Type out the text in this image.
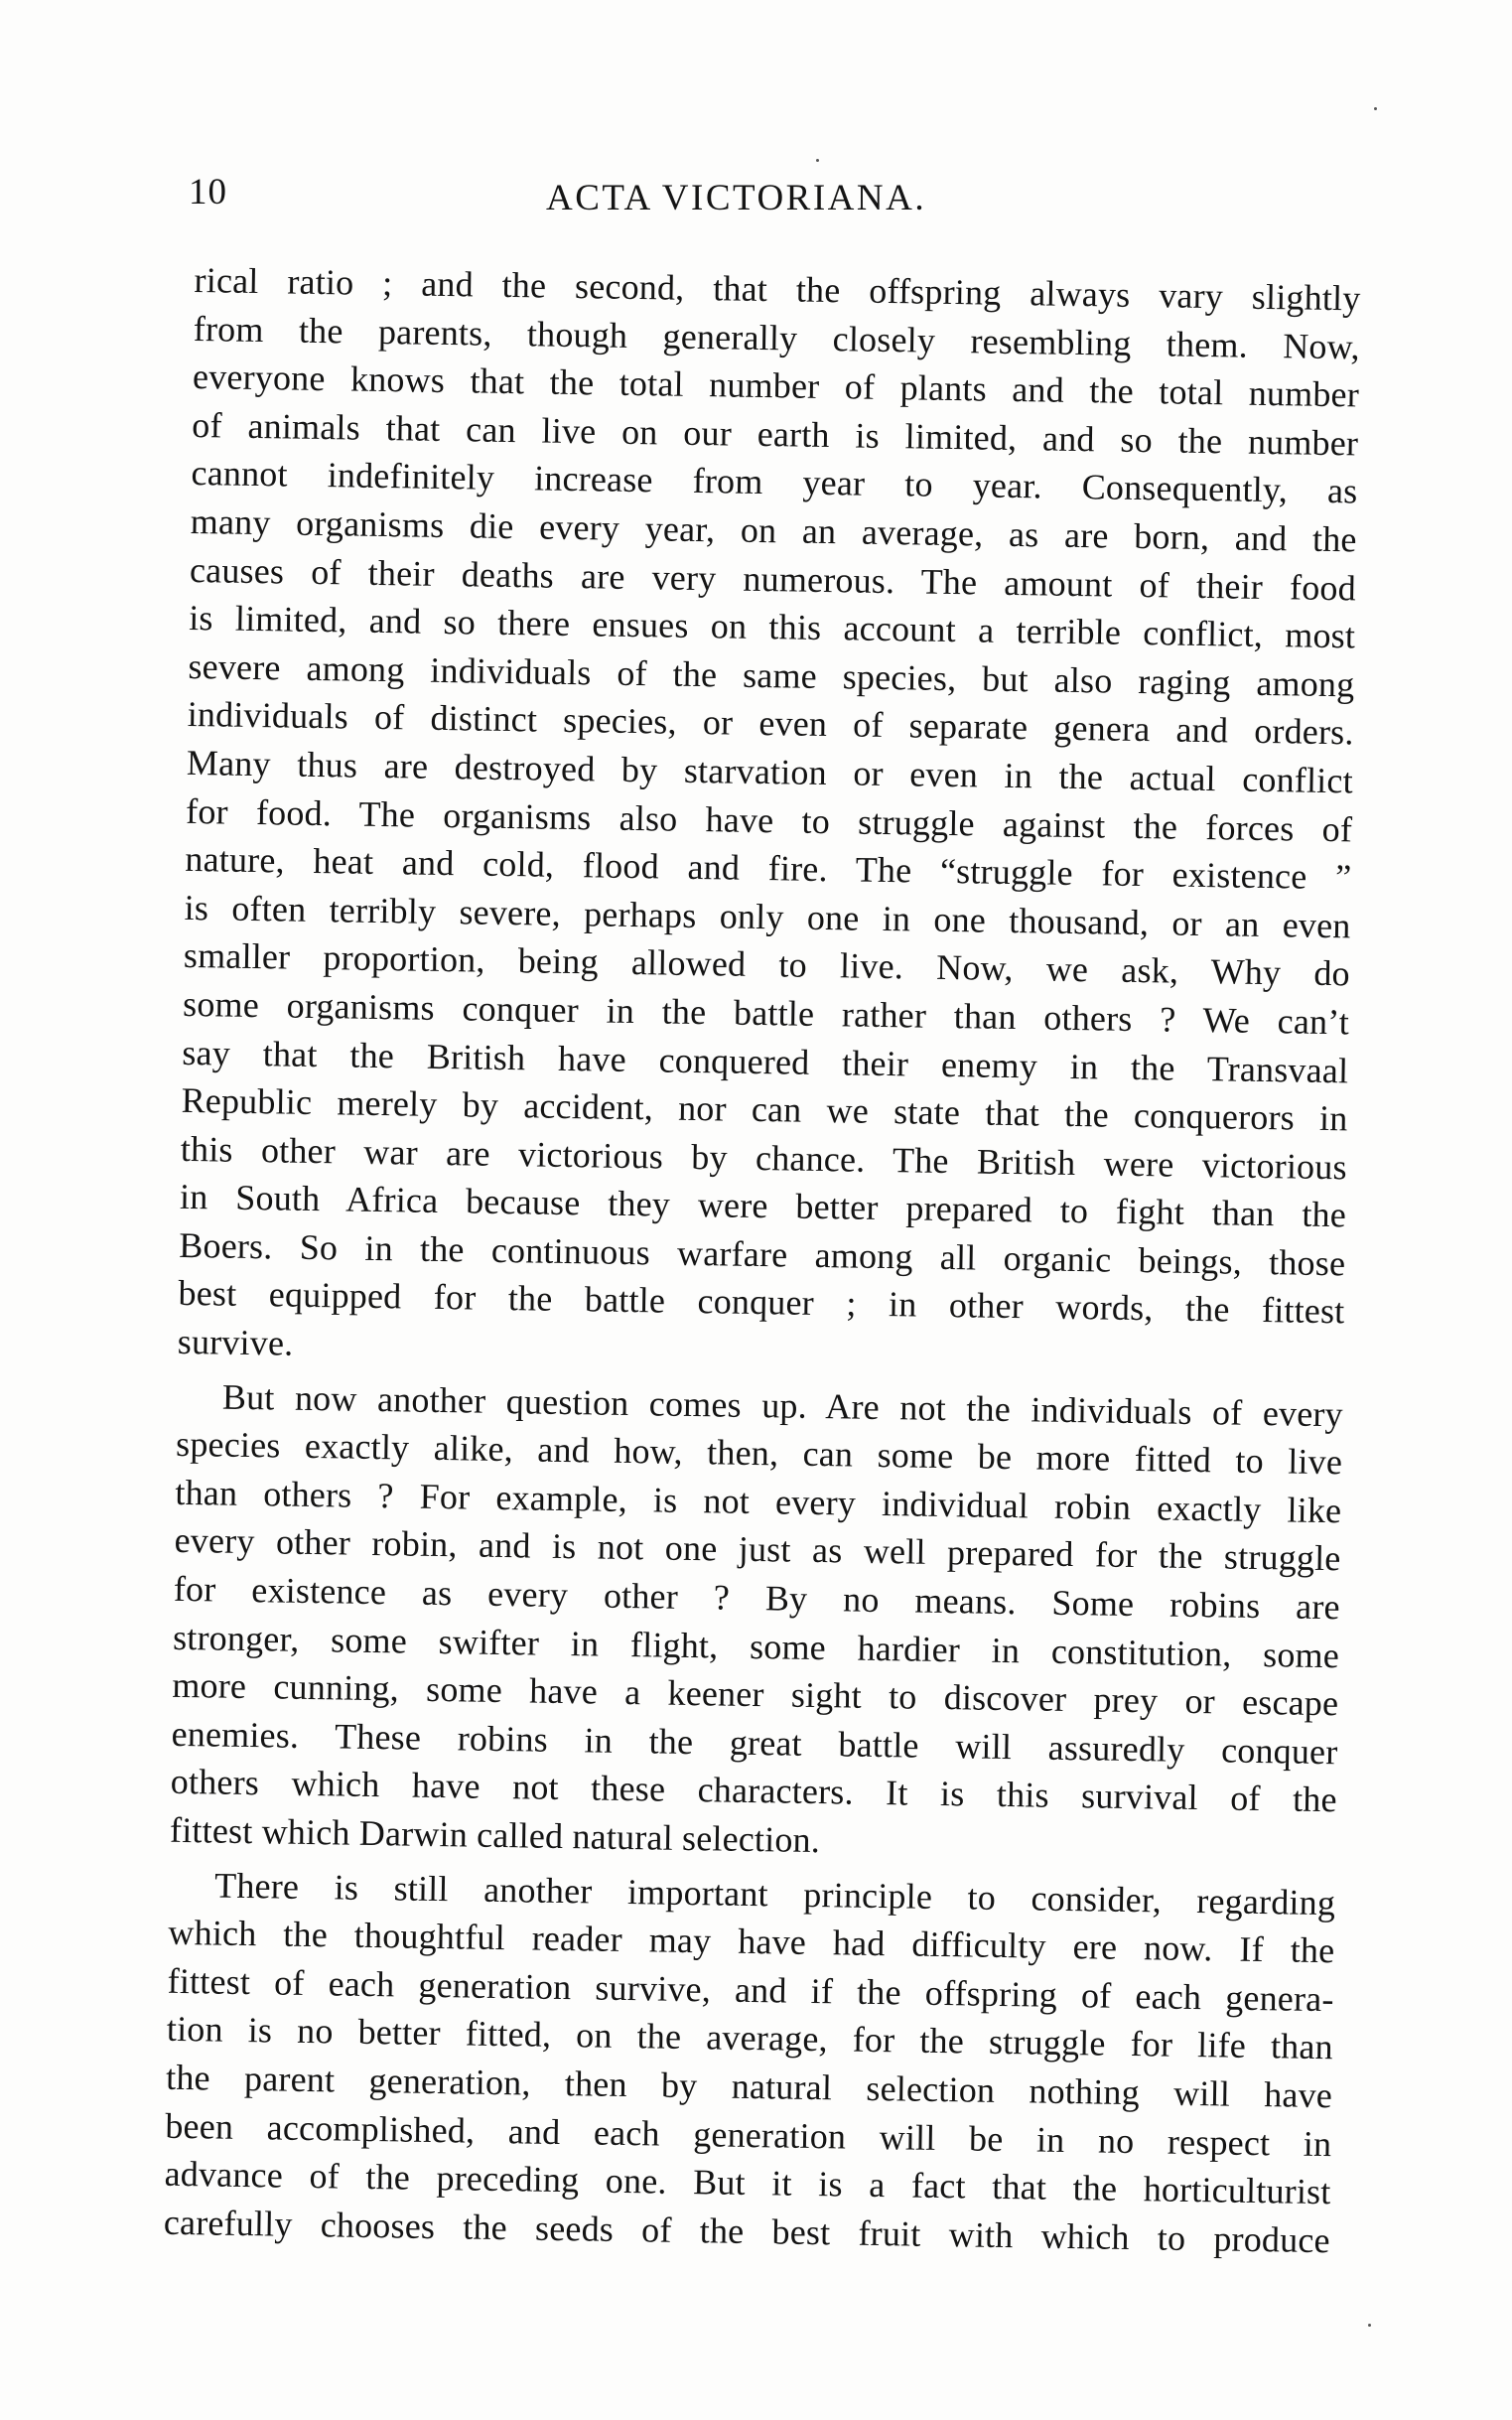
10	ACTA VICTORIANA.
rical ratio ; and the second, that the offspring always vary slightly
from the parents, though generally closely resembling them. Now,
everyone knows that the total number of plants and the total number
of animals that can live on our earth is limited, and so the number
cannot indefinitely increase from year to year. Consequently, as
many organisms die every year, on an average, as are born, and the
causes of their deaths are very numerous. The amount of their food
is limited, and so there ensues on this account a terrible conflict, most
severe among individuals of the same species, but also raging among
individuals of distinct species, or even of separate genera and orders.
Many thus are destroyed by starvation or even in the actual conflict
for food. The organisms also have to struggle against the forces of
nature, heat and cold, flood and fire. The “struggle for existence ”
is often terribly severe, perhaps only one in one thousand, or an even
smaller proportion, being allowed to live. Now, we ask, Why do
some organisms conquer in the battle rather than others ? We can’t
say that the British have conquered their enemy in the Transvaal
Republic merely by accident, nor can we state that the conquerors in
this other war are victorious by chance. The British were victorious
in South Africa because they were better prepared to fight than the
Boers. So in the continuous warfare among all organic beings, those
best equipped for the battle conquer ; in other words, the fittest
survive.
But now another question comes up. Are not the individuals of every
species exactly alike, and how, then, can some be more fitted to live
than others ? For example, is not every individual robin exactly like
every other robin, and is not one just as well prepared for the struggle
for existence as every other ? By no means. Some robins are
stronger, some swifter in flight, some hardier in constitution, some
more cunning, some have a keener sight to discover prey or escape
enemies. These robins in the great battle will assuredly conquer
others which have not these characters. It is this survival of the
fittest which Darwin called natural selection.
There is still another important principle to consider, regarding
which the thoughtful reader may have had difficulty ere now. If the
fittest of each generation survive, and if the offspring of each genera-
tion is no better fitted, on the average, for the struggle for life than
the parent generation, then by natural selection nothing will have
been accomplished, and each generation will be in no respect in
advance of the preceding one. But it is a fact that the horticulturist
carefully chooses the seeds of the best fruit with which to produce
